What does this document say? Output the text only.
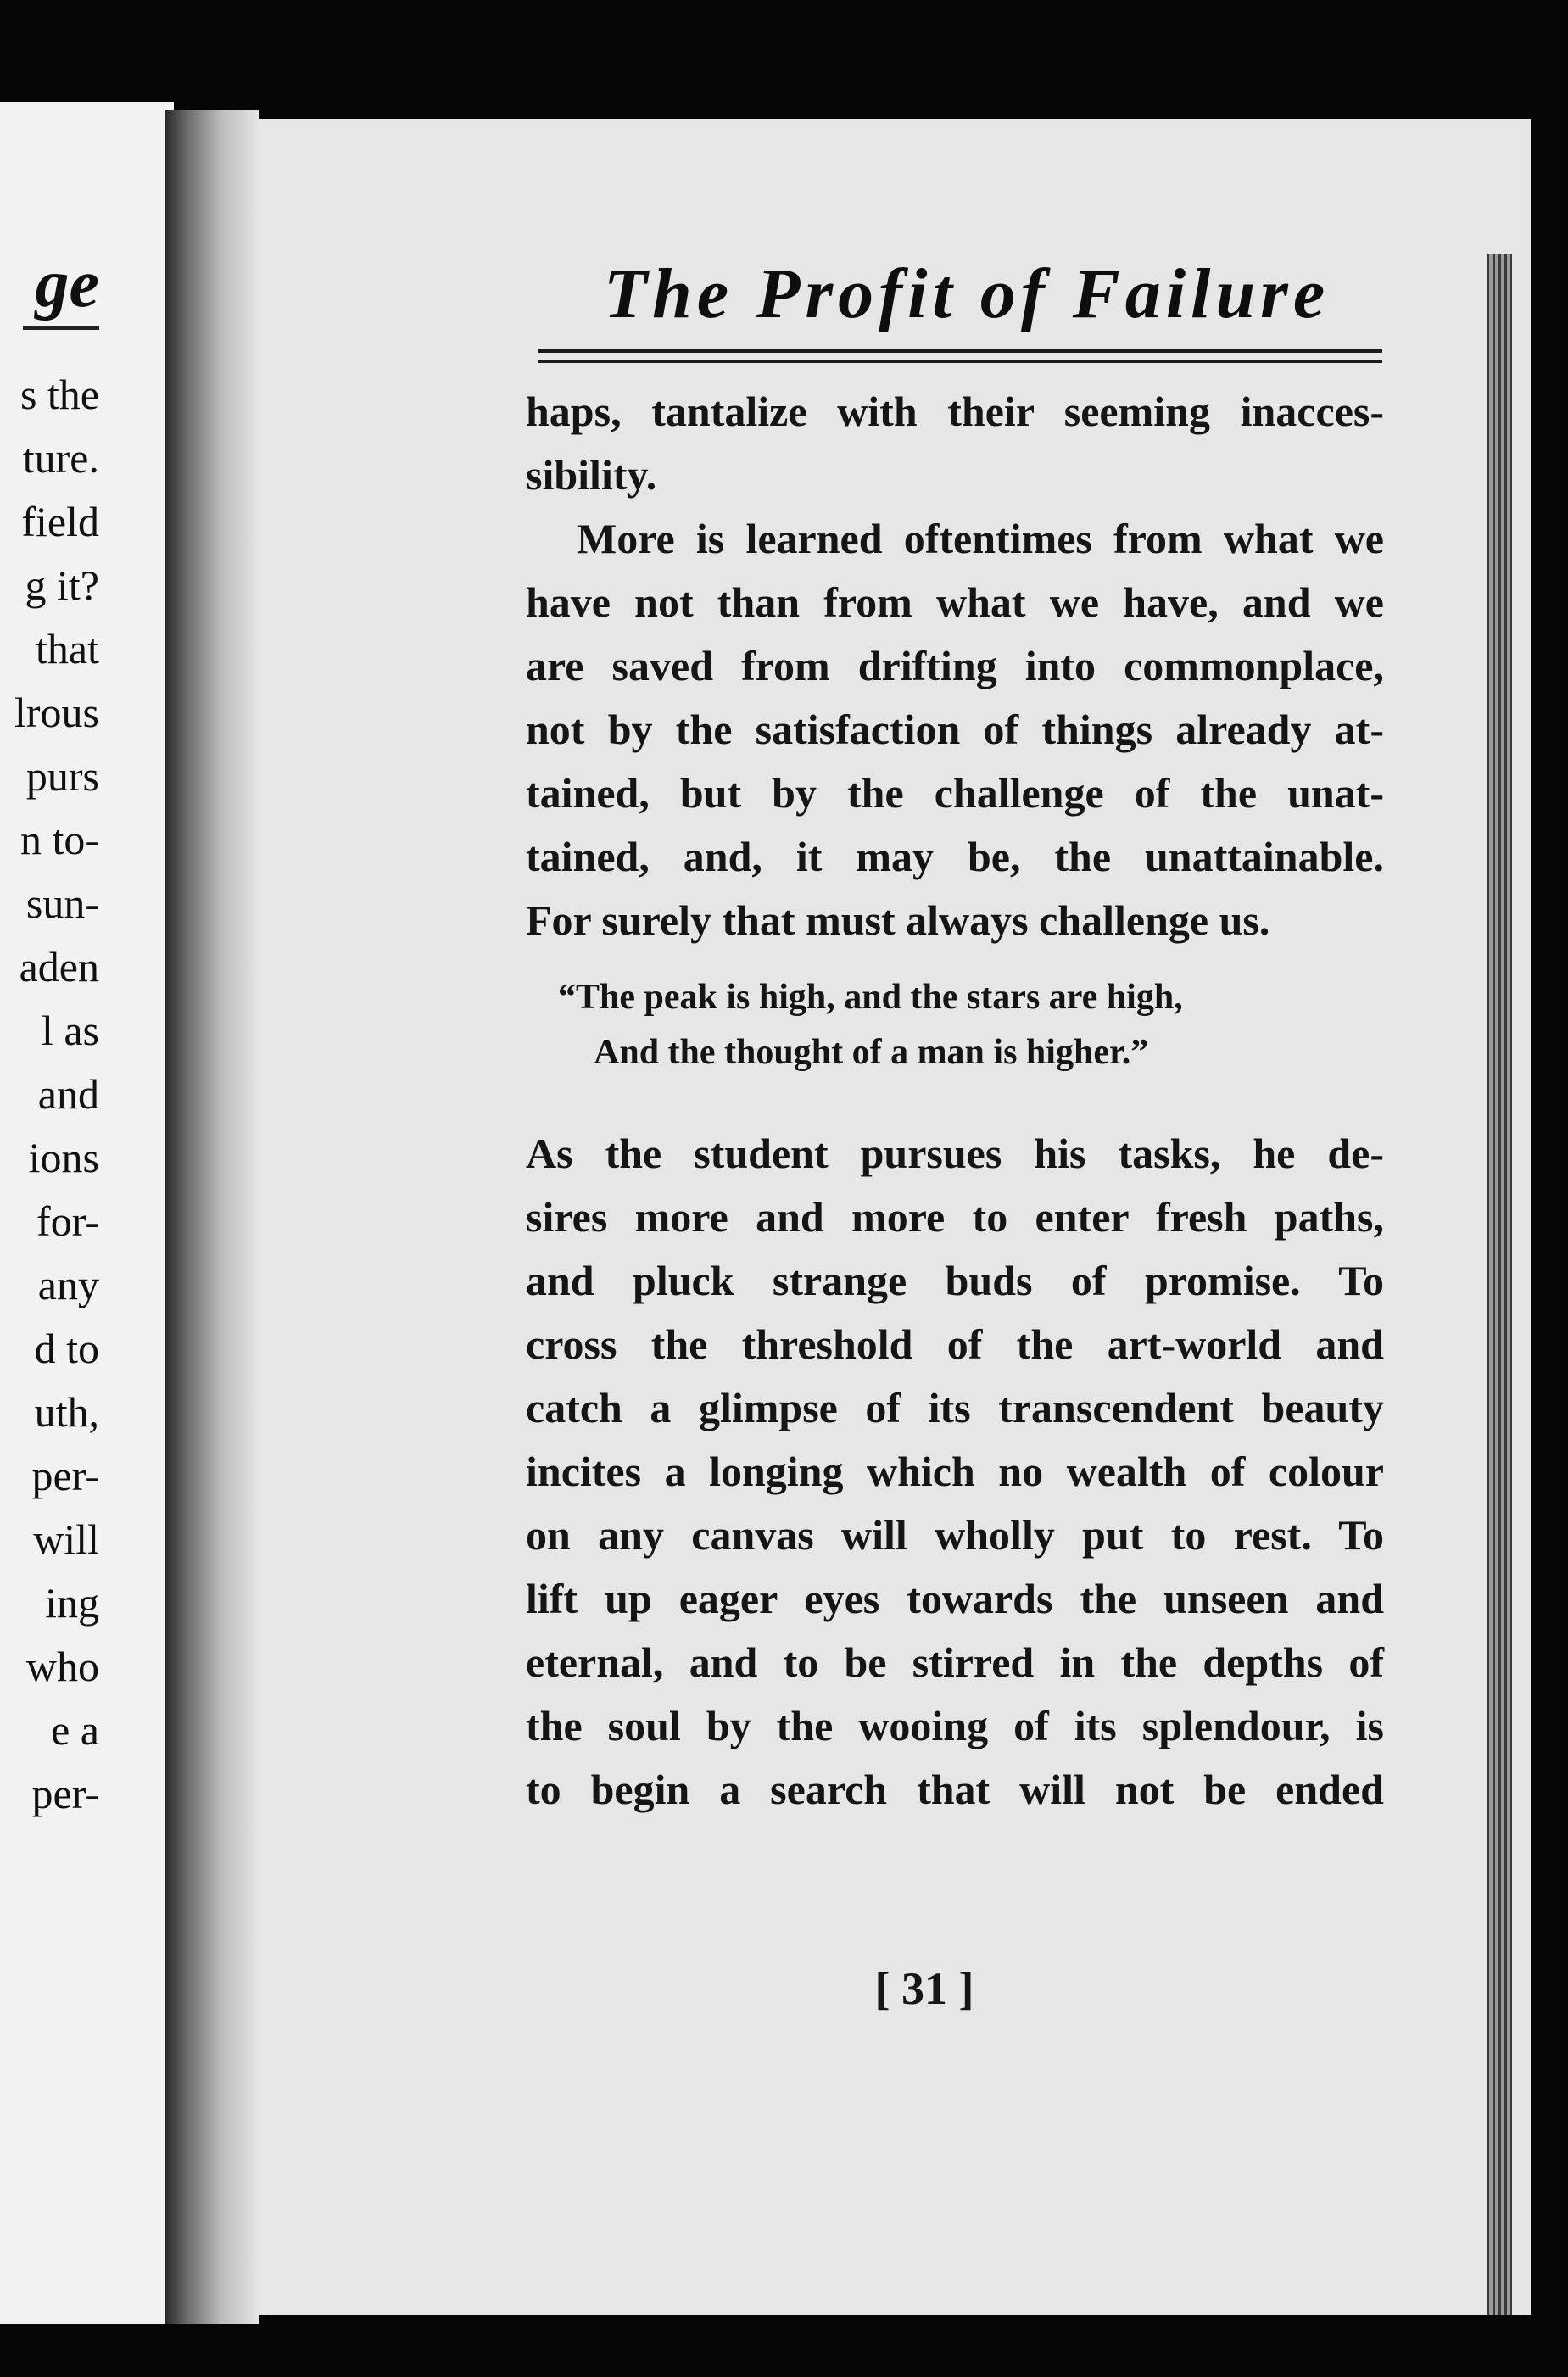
ge
s the
ture.
field
g it?
that
lrous
purs
n to-
sun-
aden
l as
and
ions
for-
any
d to
uth,
per-
will
ing
who
e a
per-
The Profit of Failure
haps, tantalize with their seeming inacces-
sibility.
More is learned oftentimes from what we
have not than from what we have, and we
are saved from drifting into commonplace,
not by the satisfaction of things already at-
tained, but by the challenge of the unat-
tained, and, it may be, the unattainable.
For surely that must always challenge us.
“The peak is high, and the stars are high,
And the thought of a man is higher.”
As the student pursues his tasks, he de-
sires more and more to enter fresh paths,
and pluck strange buds of promise. To
cross the threshold of the art-world and
catch a glimpse of its transcendent beauty
incites a longing which no wealth of colour
on any canvas will wholly put to rest. To
lift up eager eyes towards the unseen and
eternal, and to be stirred in the depths of
the soul by the wooing of its splendour, is
to begin a search that will not be ended
[ 31 ]
